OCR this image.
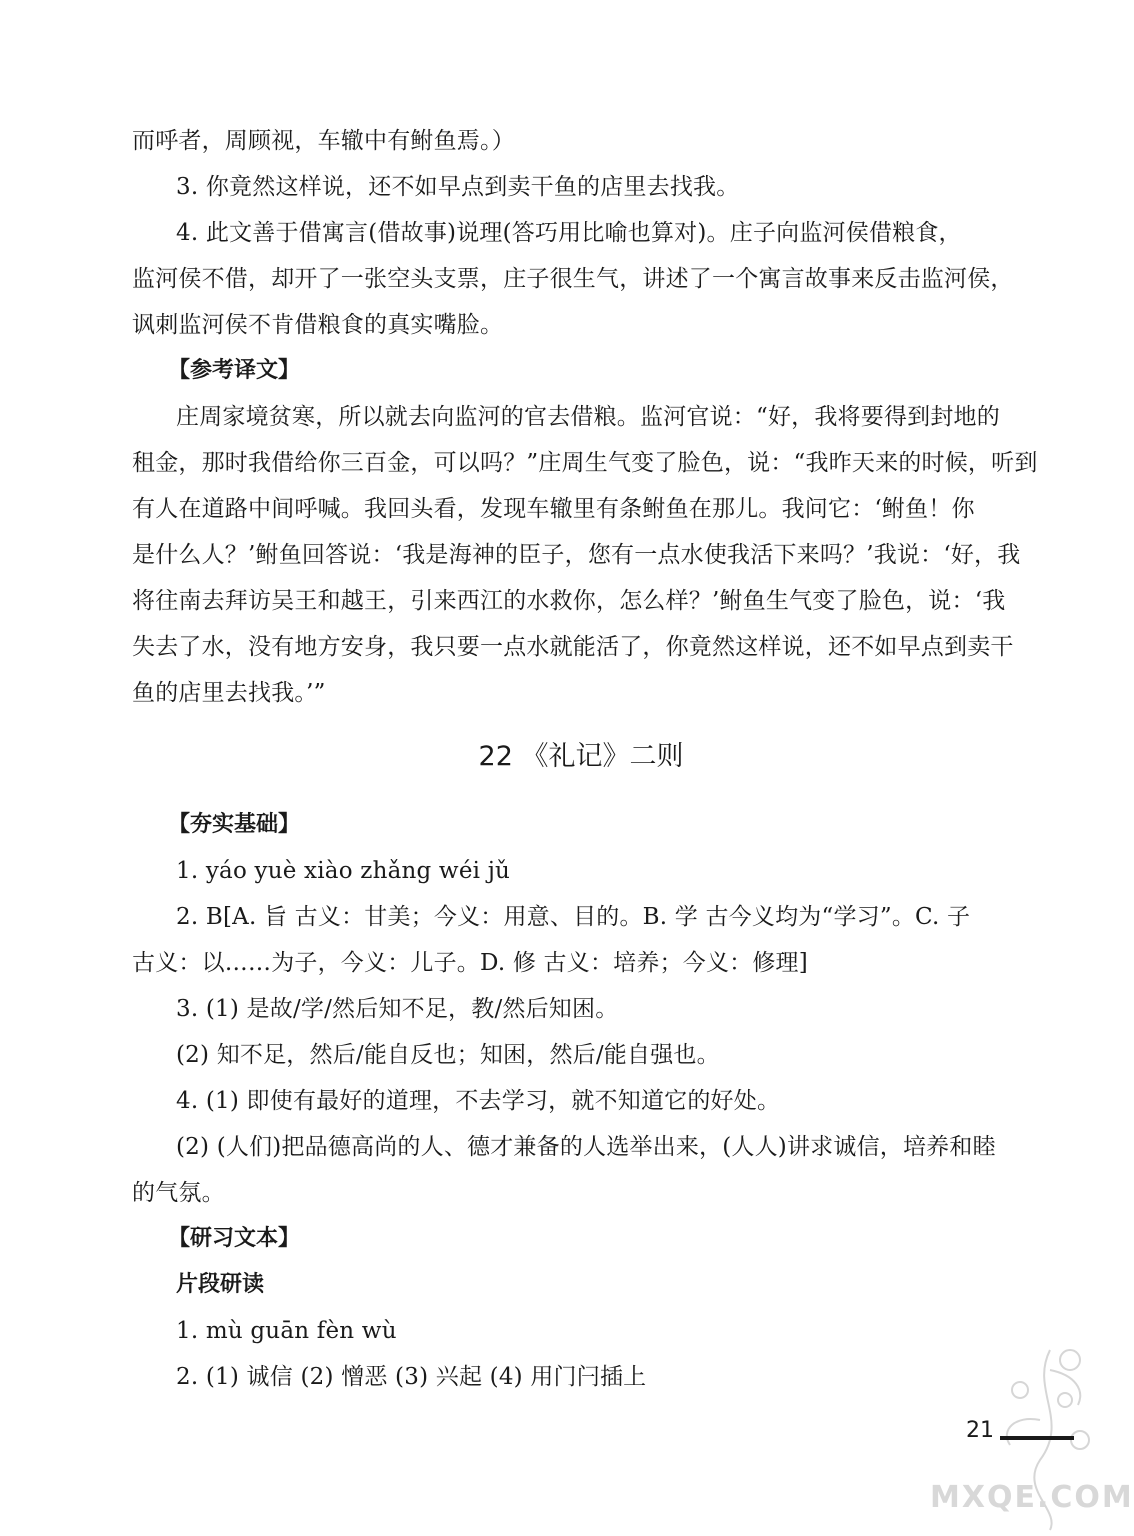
而呼者，周顾视，车辙中有鲋鱼焉。）
3. 你竟然这样说，还不如早点到卖干鱼的店里去找我。
4. 此文善于借寓言(借故事)说理(答巧用比喻也算对)。庄子向监河侯借粮食，
监河侯不借，却开了一张空头支票，庄子很生气，讲述了一个寓言故事来反击监河侯，
讽刺监河侯不肯借粮食的真实嘴脸。
【参考译文】
庄周家境贫寒，所以就去向监河的官去借粮。监河官说：“好，我将要得到封地的
租金，那时我借给你三百金，可以吗？”庄周生气变了脸色，说：“我昨天来的时候，听到
有人在道路中间呼喊。我回头看，发现车辙里有条鲋鱼在那儿。我问它：‘鲋鱼！你
是什么人？’鲋鱼回答说：‘我是海神的臣子，您有一点水使我活下来吗？’我说：‘好，我
将往南去拜访吴王和越王，引来西江的水救你，怎么样？’鲋鱼生气变了脸色，说：‘我
失去了水，没有地方安身，我只要一点水就能活了，你竟然这样说，还不如早点到卖干
鱼的店里去找我。’”
22 《礼记》二则
【夯实基础】
1. yáo yuè xiào zhǎng wéi jǔ
2. B[A. 旨 古义：甘美；今义：用意、目的。B. 学 古今义均为“学习”。C. 子
古义：以……为子，今义：儿子。D. 修 古义：培养；今义：修理]
3. (1) 是故/学/然后知不足，教/然后知困。
(2) 知不足，然后/能自反也；知困，然后/能自强也。
4. (1) 即使有最好的道理，不去学习，就不知道它的好处。
(2) (人们)把品德高尚的人、德才兼备的人选举出来，(人人)讲求诚信，培养和睦
的气氛。
【研习文本】
片段研读
1. mù guān fèn wù
2. (1) 诚信 (2) 憎恶 (3) 兴起 (4) 用门闩插上
21
MXQE.COM
